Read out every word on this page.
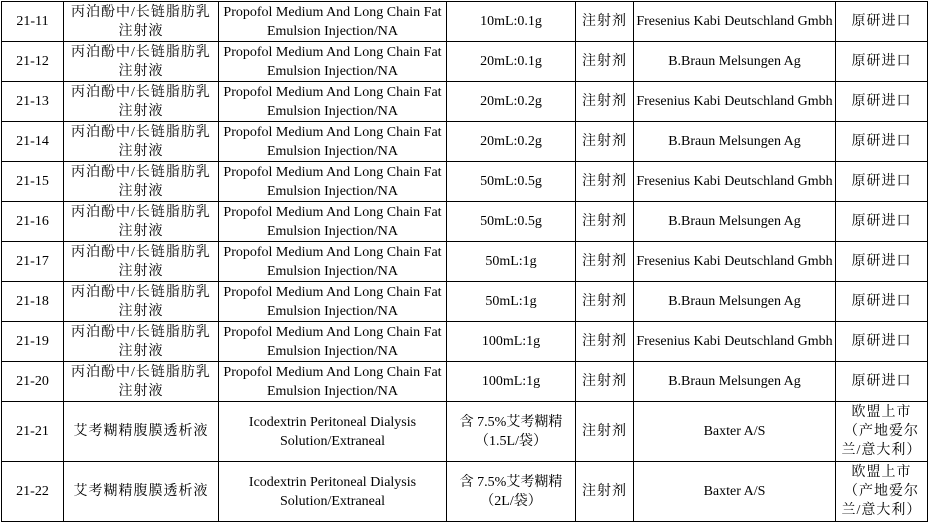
21-11	丙泊酚中/长链脂肪乳注射液	Propofol Medium And Long Chain Fat Emulsion Injection/NA	10mL:0.1g	注射剂	Fresenius Kabi Deutschland Gmbh	原研进口
21-12	丙泊酚中/长链脂肪乳注射液	Propofol Medium And Long Chain Fat Emulsion Injection/NA	20mL:0.1g	注射剂	B.Braun Melsungen Ag	原研进口
21-13	丙泊酚中/长链脂肪乳注射液	Propofol Medium And Long Chain Fat Emulsion Injection/NA	20mL:0.2g	注射剂	Fresenius Kabi Deutschland Gmbh	原研进口
21-14	丙泊酚中/长链脂肪乳注射液	Propofol Medium And Long Chain Fat Emulsion Injection/NA	20mL:0.2g	注射剂	B.Braun Melsungen Ag	原研进口
21-15	丙泊酚中/长链脂肪乳注射液	Propofol Medium And Long Chain Fat Emulsion Injection/NA	50mL:0.5g	注射剂	Fresenius Kabi Deutschland Gmbh	原研进口
21-16	丙泊酚中/长链脂肪乳注射液	Propofol Medium And Long Chain Fat Emulsion Injection/NA	50mL:0.5g	注射剂	B.Braun Melsungen Ag	原研进口
21-17	丙泊酚中/长链脂肪乳注射液	Propofol Medium And Long Chain Fat Emulsion Injection/NA	50mL:1g	注射剂	Fresenius Kabi Deutschland Gmbh	原研进口
21-18	丙泊酚中/长链脂肪乳注射液	Propofol Medium And Long Chain Fat Emulsion Injection/NA	50mL:1g	注射剂	B.Braun Melsungen Ag	原研进口
21-19	丙泊酚中/长链脂肪乳注射液	Propofol Medium And Long Chain Fat Emulsion Injection/NA	100mL:1g	注射剂	Fresenius Kabi Deutschland Gmbh	原研进口
21-20	丙泊酚中/长链脂肪乳注射液	Propofol Medium And Long Chain Fat Emulsion Injection/NA	100mL:1g	注射剂	B.Braun Melsungen Ag	原研进口
21-21	艾考糊精腹膜透析液	Icodextrin Peritoneal Dialysis Solution/Extraneal	含 7.5%艾考糊精（1.5L/袋）	注射剂	Baxter A/S	欧盟上市（产地爱尔兰/意大利）
21-22	艾考糊精腹膜透析液	Icodextrin Peritoneal Dialysis Solution/Extraneal	含 7.5%艾考糊精（2L/袋）	注射剂	Baxter A/S	欧盟上市（产地爱尔兰/意大利）
